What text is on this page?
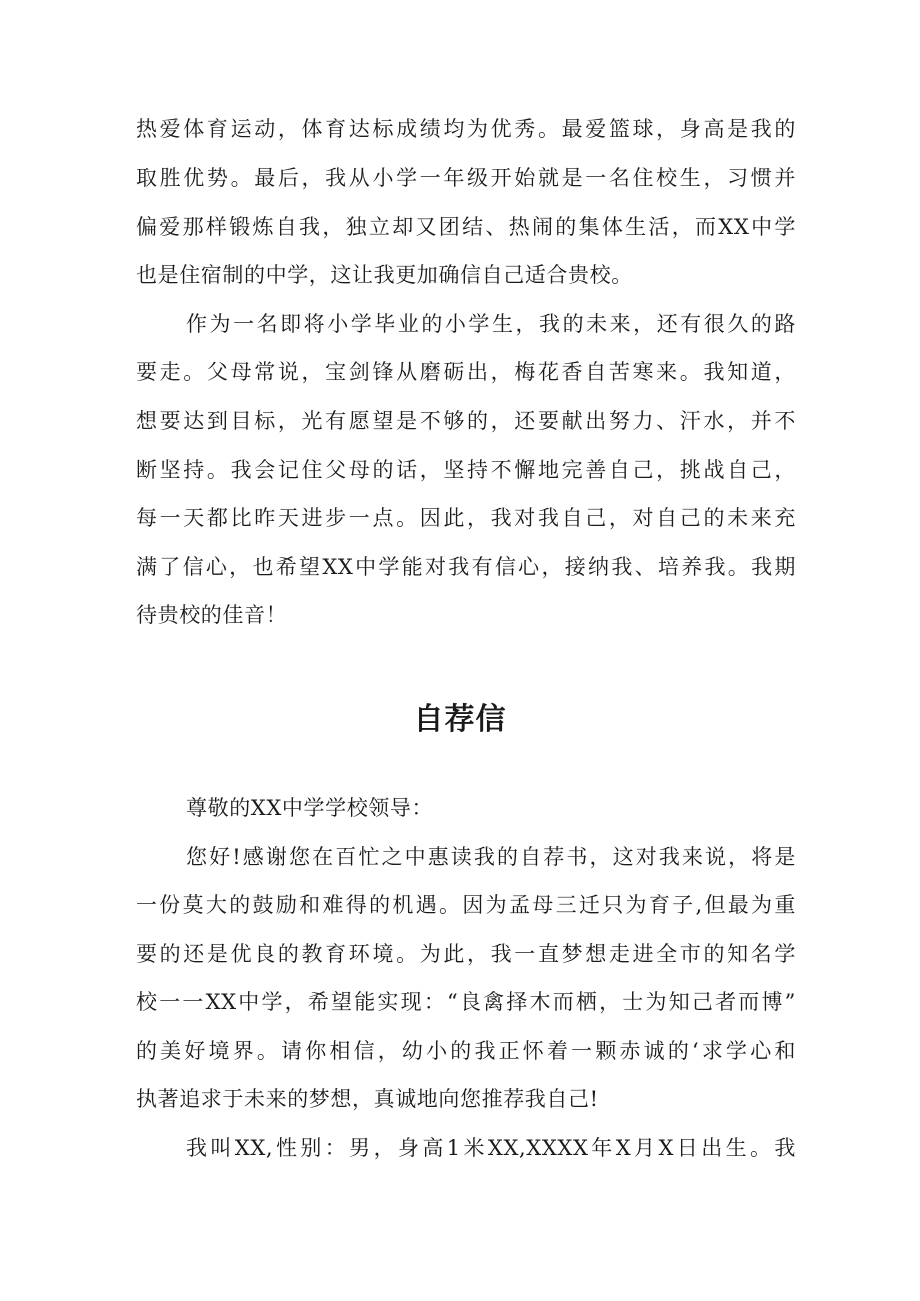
热爱体育运动，体育达标成绩均为优秀。最爱篮球，身高是我的
取胜优势。最后，我从小学一年级开始就是一名住校生，习惯并
偏爱那样锻炼自我，独立却又团结、热闹的集体生活，而XX中学
也是住宿制的中学，这让我更加确信自己适合贵校。
作为一名即将小学毕业的小学生，我的未来，还有很久的路
要走。父母常说，宝剑锋从磨砺出，梅花香自苦寒来。我知道，
想要达到目标，光有愿望是不够的，还要献出努力、汗水，并不
断坚持。我会记住父母的话，坚持不懈地完善自己，挑战自己，
每一天都比昨天进步一点。因此，我对我自己，对自己的未来充
满了信心，也希望XX中学能对我有信心，接纳我、培养我。我期
待贵校的佳音！
自荐信
尊敬的XX中学学校领导：
您好!感谢您在百忙之中惠读我的自荐书，这对我来说，将是
一份莫大的鼓励和难得的机遇。因为孟母三迁只为育子,但最为重
要的还是优良的教育环境。为此，我一直梦想走进全市的知名学
校一一XX中学，希望能实现：“良禽择木而栖，士为知己者而博”
的美好境界。请你相信，幼小的我正怀着一颗赤诚的‘求学心和
执著追求于未来的梦想，真诚地向您推荐我自己!
我叫XX,性别：男，身高1米XX,XXXX年X月X日出生。我
